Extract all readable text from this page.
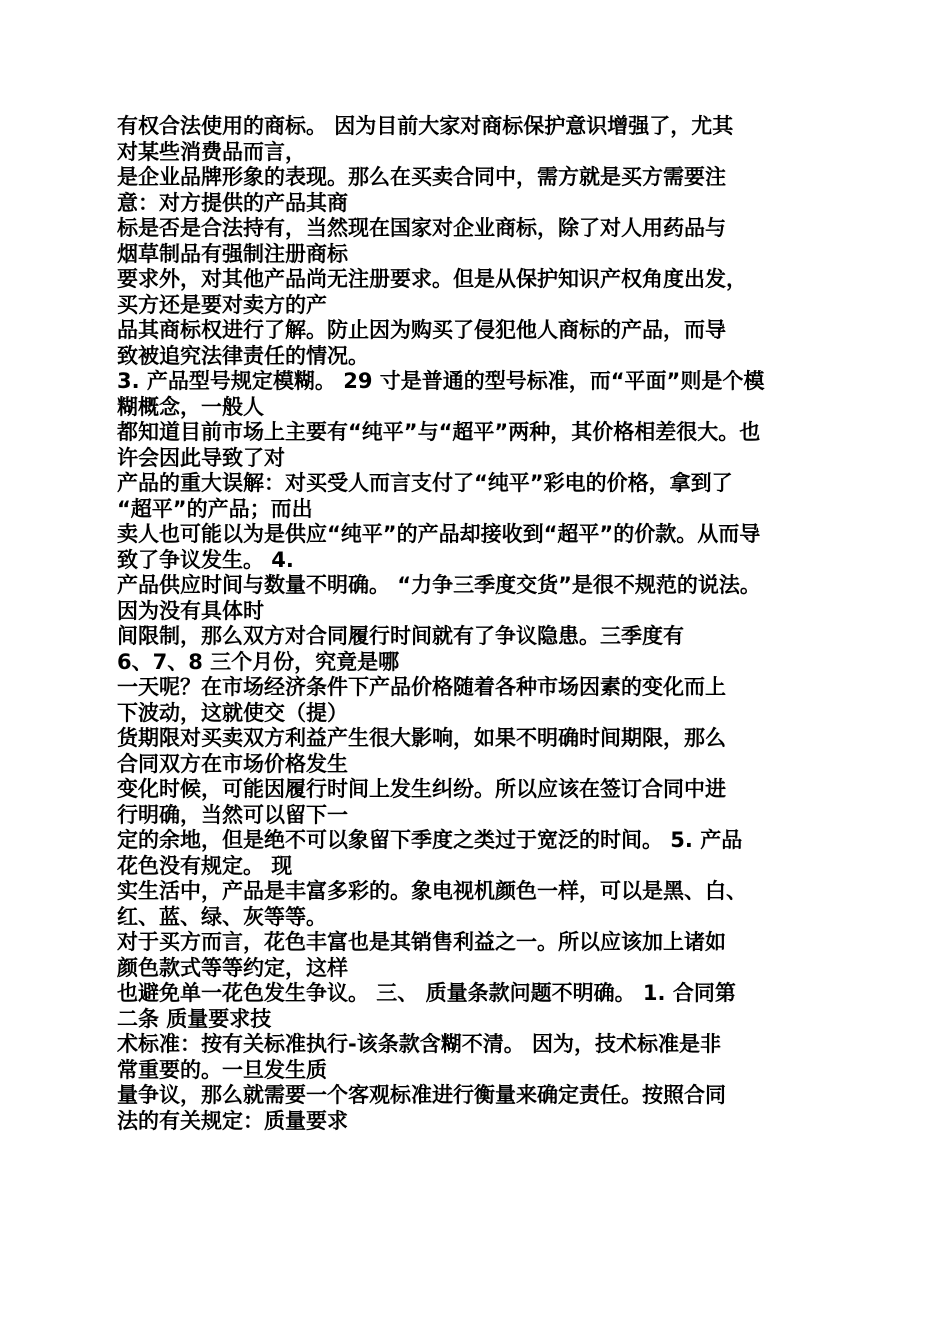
有权合法使用的商标。 因为目前大家对商标保护意识增强了，尤其
对某些消费品而言，
是企业品牌形象的表现。那么在买卖合同中，需方就是买方需要注
意：对方提供的产品其商
标是否是合法持有，当然现在国家对企业商标，除了对人用药品与
烟草制品有强制注册商标
要求外，对其他产品尚无注册要求。但是从保护知识产权角度出发，
买方还是要对卖方的产
品其商标权进行了解。防止因为购买了侵犯他人商标的产品，而导
致被追究法律责任的情况。
3. 产品型号规定模糊。 29 寸是普通的型号标准，而“平面”则是个模
糊概念，一般人
都知道目前市场上主要有“纯平”与“超平”两种，其价格相差很大。也
许会因此导致了对
产品的重大误解：对买受人而言支付了“纯平”彩电的价格，拿到了
“超平”的产品；而出
卖人也可能以为是供应“纯平”的产品却接收到“超平”的价款。从而导
致了争议发生。 4.
产品供应时间与数量不明确。 “力争三季度交货”是很不规范的说法。
因为没有具体时
间限制，那么双方对合同履行时间就有了争议隐患。三季度有
6、7、8 三个月份，究竟是哪
一天呢？在市场经济条件下产品价格随着各种市场因素的变化而上
下波动，这就使交（提）
货期限对买卖双方利益产生很大影响，如果不明确时间期限，那么
合同双方在市场价格发生
变化时候，可能因履行时间上发生纠纷。所以应该在签订合同中进
行明确，当然可以留下一
定的余地，但是绝不可以象留下季度之类过于宽泛的时间。 5. 产品
花色没有规定。 现
实生活中，产品是丰富多彩的。象电视机颜色一样，可以是黑、白、
红、蓝、绿、灰等等。
对于买方而言，花色丰富也是其销售利益之一。所以应该加上诸如
颜色款式等等约定，这样
也避免单一花色发生争议。 三、 质量条款问题不明确。 1. 合同第
二条 质量要求技
术标准：按有关标准执行-该条款含糊不清。 因为，技术标准是非
常重要的。一旦发生质
量争议，那么就需要一个客观标准进行衡量来确定责任。按照合同
法的有关规定：质量要求
